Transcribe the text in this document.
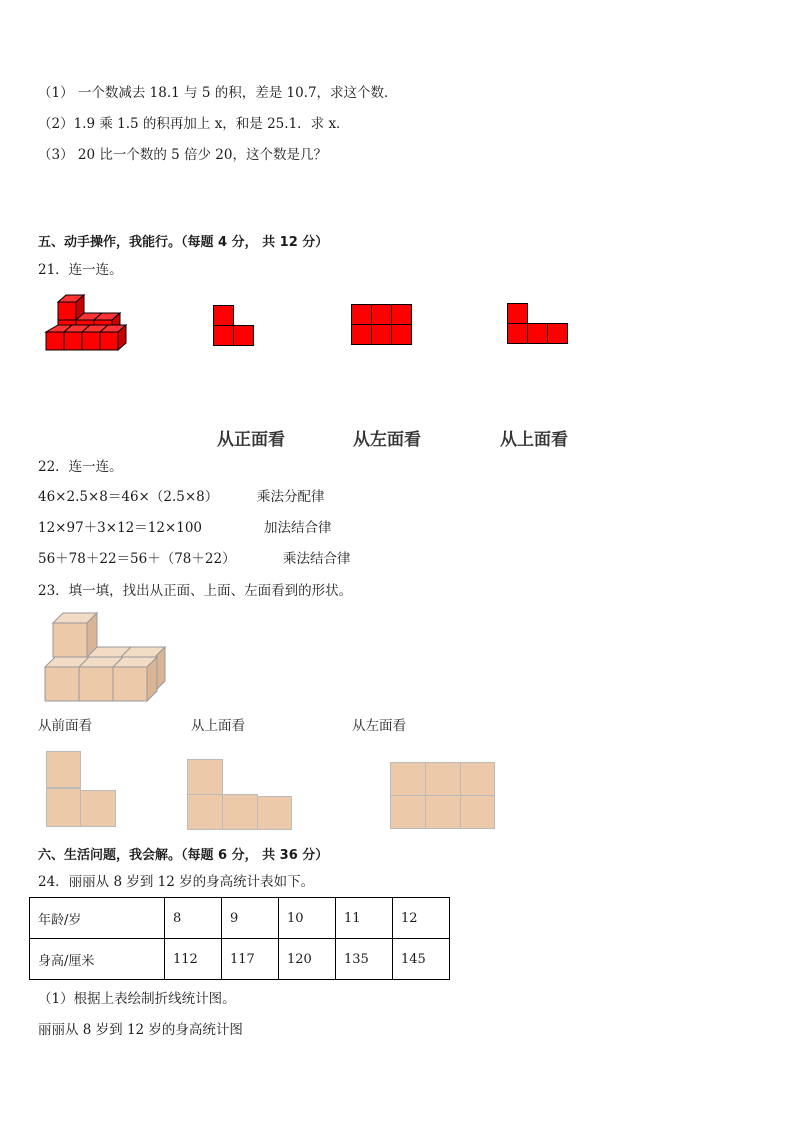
（1） 一个数减去 18.1 与 5 的积，差是 10.7，求这个数．
（2）1.9 乘 1.5 的积再加上 x，和是 25.1．求 x．
（3） 20 比一个数的 5 倍少 20，这个数是几？
五、动手操作，我能行。（每题 4 分， 共 12 分）
21．连一连。
从正面看	从左面看	从上面看
22．连一连。
46×2.5×8＝46×（2.5×8）	乘法分配律
12×97＋3×12＝12×100	加法结合律
56＋78＋22＝56＋（78＋22）	乘法结合律
23．填一填，找出从正面、上面、左面看到的形状。
从前面看	从上面看	从左面看
六、生活问题，我会解。（每题 6 分， 共 36 分）
24．丽丽从 8 岁到 12 岁的身高统计表如下。
年龄/岁	8	9	10	11	12
身高/厘米	112	117	120	135	145
（1）根据上表绘制折线统计图。
丽丽从 8 岁到 12 岁的身高统计图
